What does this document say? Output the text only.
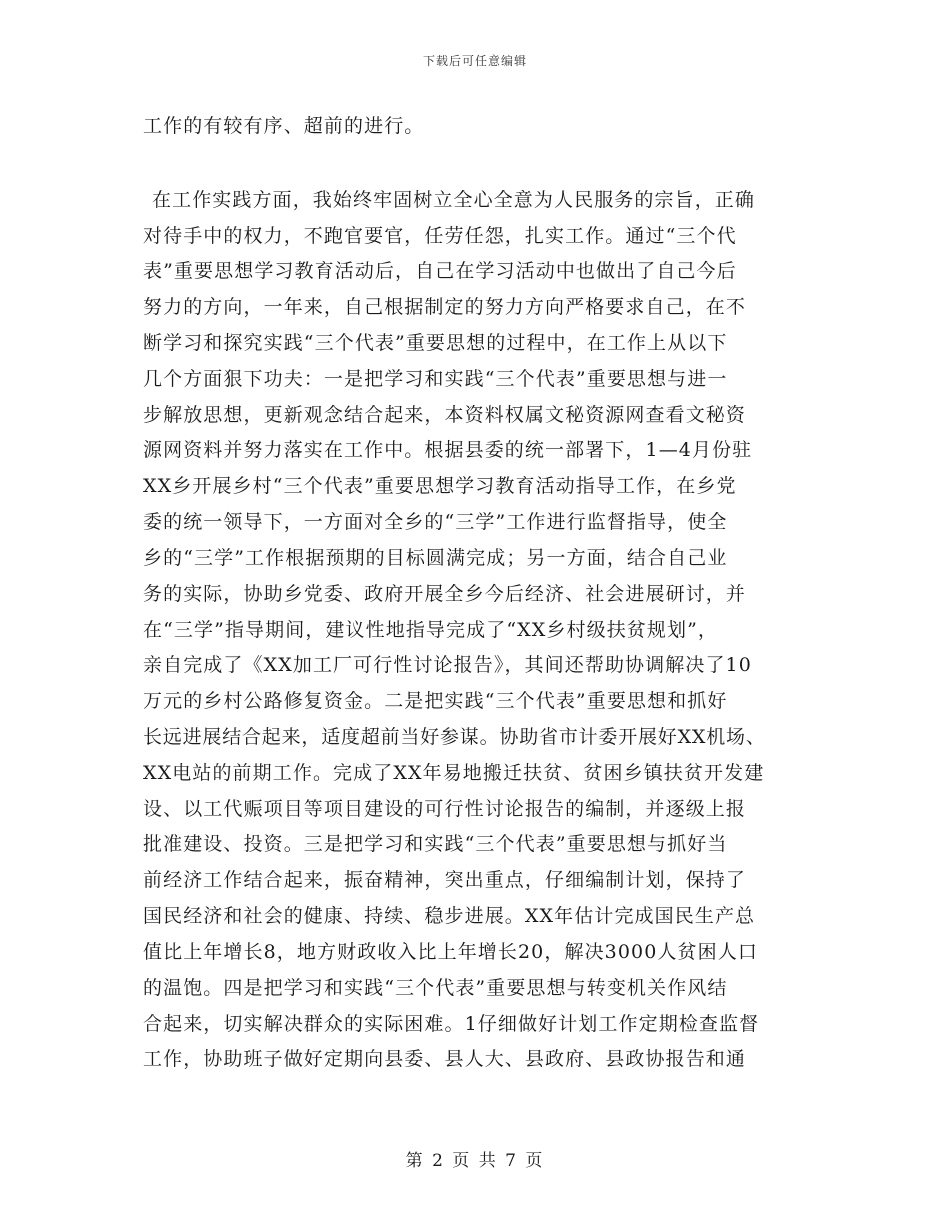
下载后可任意编辑
工作的有较有序、超前的进行。
在工作实践方面，我始终牢固树立全心全意为人民服务的宗旨，正确
对待手中的权力，不跑官要官，任劳任怨，扎实工作。通过“三个代
表”重要思想学习教育活动后，自己在学习活动中也做出了自己今后
努力的方向，一年来，自己根据制定的努力方向严格要求自己，在不
断学习和探究实践“三个代表”重要思想的过程中，在工作上从以下
几个方面狠下功夫：一是把学习和实践“三个代表”重要思想与进一
步解放思想，更新观念结合起来，本资料权属文秘资源网查看文秘资
源网资料并努力落实在工作中。根据县委的统一部署下，1—4月份驻
XX乡开展乡村“三个代表”重要思想学习教育活动指导工作，在乡党
委的统一领导下，一方面对全乡的“三学”工作进行监督指导，使全
乡的“三学”工作根据预期的目标圆满完成；另一方面，结合自己业
务的实际，协助乡党委、政府开展全乡今后经济、社会进展研讨，并
在“三学”指导期间，建议性地指导完成了“XX乡村级扶贫规划”，
亲自完成了《XX加工厂可行性讨论报告》，其间还帮助协调解决了10
万元的乡村公路修复资金。二是把实践“三个代表”重要思想和抓好
长远进展结合起来，适度超前当好参谋。协助省市计委开展好XX机场、
XX电站的前期工作。完成了XX年易地搬迁扶贫、贫困乡镇扶贫开发建
设、以工代赈项目等项目建设的可行性讨论报告的编制，并逐级上报
批准建设、投资。三是把学习和实践“三个代表”重要思想与抓好当
前经济工作结合起来，振奋精神，突出重点，仔细编制计划，保持了
国民经济和社会的健康、持续、稳步进展。XX年估计完成国民生产总
值比上年增长8，地方财政收入比上年增长20，解决3000人贫困人口
的温饱。四是把学习和实践“三个代表”重要思想与转变机关作风结
合起来，切实解决群众的实际困难。1仔细做好计划工作定期检查监督
工作，协助班子做好定期向县委、县人大、县政府、县政协报告和通
第 2 页 共 7 页
